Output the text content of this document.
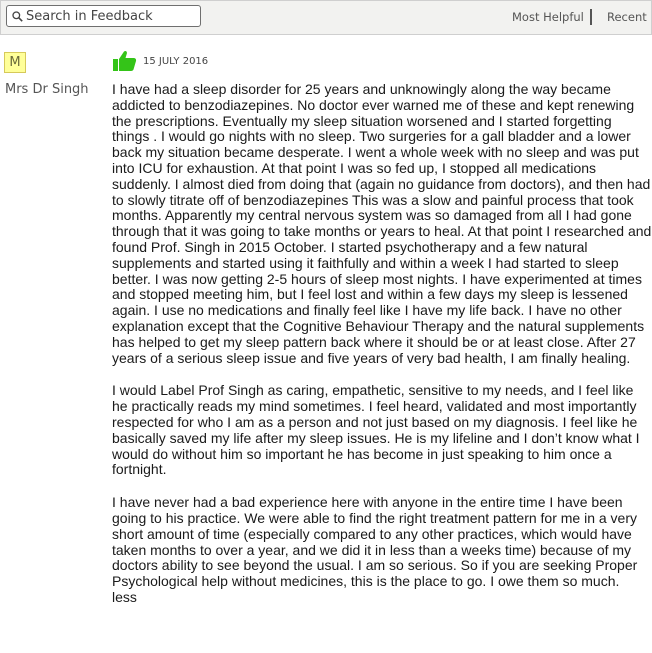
Search in Feedback
Most Helpful Recent
M
Mrs Dr Singh
15 JULY 2016

I have had a sleep disorder for 25 years and unknowingly along the way became addicted to benzodiazepines. No doctor ever warned me of these and kept renewing the prescriptions. Eventually my sleep situation worsened and I started forgetting things . I would go nights with no sleep. Two surgeries for a gall bladder and a lower back my situation became desperate. I went a whole week with no sleep and was put into ICU for exhaustion. At that point I was so fed up, I stopped all medications suddenly. I almost died from doing that (again no guidance from doctors), and then had to slowly titrate off of benzodiazepines This was a slow and painful process that took months. Apparently my central nervous system was so damaged from all I had gone through that it was going to take months or years to heal. At that point I researched and found Prof. Singh in 2015 October. I started psychotherapy and a few natural supplements and started using it faithfully and within a week I had started to sleep better. I was now getting 2-5 hours of sleep most nights. I have experimented at times and stopped meeting him, but I feel lost and within a few days my sleep is lessened again. I use no medications and finally feel like I have my life back. I have no other explanation except that the Cognitive Behaviour Therapy and the natural supplements has helped to get my sleep pattern back where it should be or at least close. After 27 years of a serious sleep issue and five years of very bad health, I am finally healing.

I would Label Prof Singh as caring, empathetic, sensitive to my needs, and I feel like he practically reads my mind sometimes. I feel heard, validated and most importantly respected for who I am as a person and not just based on my diagnosis. I feel like he basically saved my life after my sleep issues. He is my lifeline and I don’t know what I would do without him so important he has become in just speaking to him once a fortnight.

I have never had a bad experience here with anyone in the entire time I have been going to his practice. We were able to find the right treatment pattern for me in a very short amount of time (especially compared to any other practices, which would have taken months to over a year, and we did it in less than a weeks time) because of my doctors ability to see beyond the usual. I am so serious. So if you are seeking Proper Psychological help without medicines, this is the place to go. I owe them so much.

less
